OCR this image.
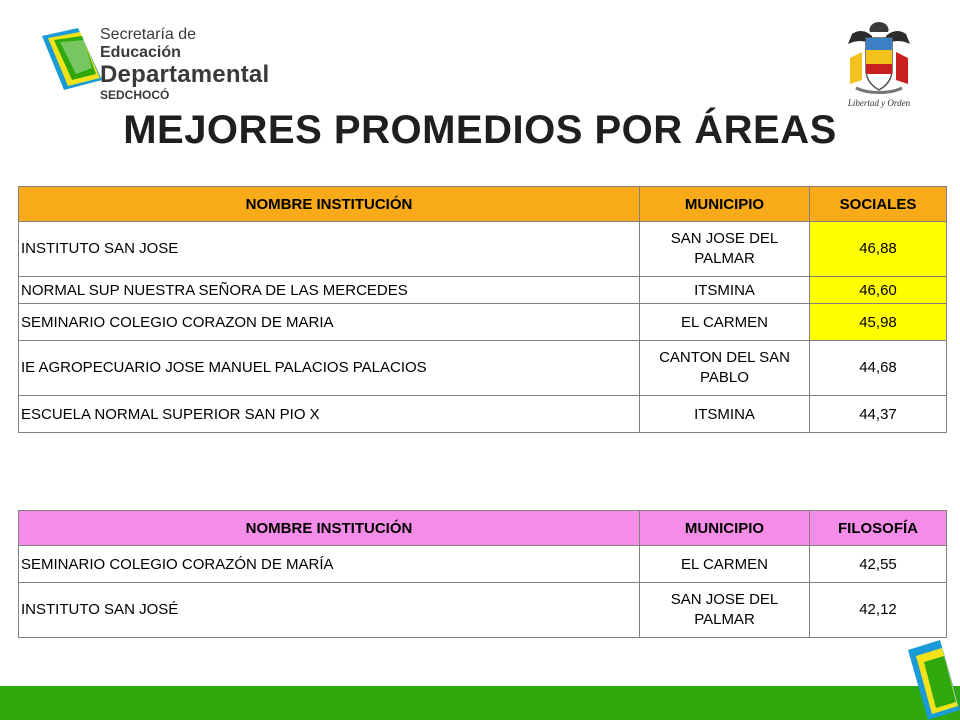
Secretaría de Educación
Departamental
SEDCHOCÓ
Libertad y Orden
MEJORES PROMEDIOS POR ÁREAS
NOMBRE INSTITUCIÓN	MUNICIPIO	SOCIALES
INSTITUTO SAN JOSE	SAN JOSE DEL PALMAR	46,88
NORMAL SUP NUESTRA SEÑORA DE LAS MERCEDES	ITSMINA	46,60
SEMINARIO COLEGIO CORAZON DE MARIA	EL CARMEN	45,98
IE AGROPECUARIO JOSE MANUEL PALACIOS PALACIOS	CANTON DEL SAN PABLO	44,68
ESCUELA NORMAL SUPERIOR SAN PIO X	ITSMINA	44,37
NOMBRE INSTITUCIÓN	MUNICIPIO	FILOSOFÍA
SEMINARIO COLEGIO CORAZÓN DE MARÍA	EL CARMEN	42,55
INSTITUTO SAN JOSÉ	SAN JOSE DEL PALMAR	42,12
